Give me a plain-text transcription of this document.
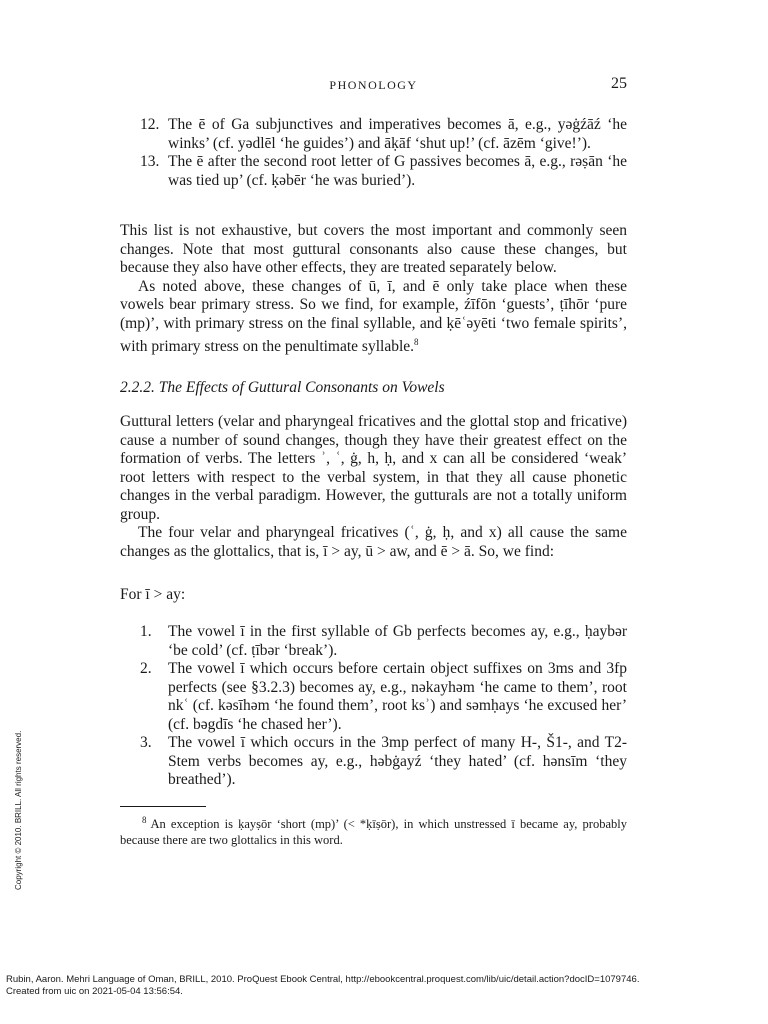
PHONOLOGY	25
12. The ē of Ga subjunctives and imperatives becomes ā, e.g., yəġźāź ‘he winks’ (cf. yədlēl ‘he guides’) and āḳāf ‘shut up!’ (cf. āzēm ‘give!’).
13. The ē after the second root letter of G passives becomes ā, e.g., rəṣān ‘he was tied up’ (cf. ḳəbēr ‘he was buried’).

This list is not exhaustive, but covers the most important and commonly seen changes. Note that most guttural consonants also cause these changes, but because they also have other effects, they are treated separately below.

As noted above, these changes of ū, ī, and ē only take place when these vowels bear primary stress. So we find, for example, źīfōn ‘guests’, ṭīhōr ‘pure (mp)’, with primary stress on the final syllable, and ḳēʿəyēti ‘two female spirits’, with primary stress on the penultimate syllable.$^8$

2.2.2. The Effects of Guttural Consonants on Vowels

Guttural letters (velar and pharyngeal fricatives and the glottal stop and fricative) cause a number of sound changes, though they have their greatest effect on the formation of verbs. The letters ʾ, ʿ, ġ, h, ḥ, and x can all be considered ‘weak’ root letters with respect to the verbal system, in that they all cause phonetic changes in the verbal paradigm. However, the gutturals are not a totally uniform group.

The four velar and pharyngeal fricatives (ʿ, ġ, ḥ, and x) all cause the same changes as the glottalics, that is, ī > ay, ū > aw, and ē > ā. So, we find:

For ī > ay:
1. The vowel ī in the first syllable of Gb perfects becomes ay, e.g., ḥaybər ‘be cold’ (cf. ṭībər ‘break’).
2. The vowel ī which occurs before certain object suffixes on 3ms and 3fp perfects (see §3.2.3) becomes ay, e.g., nəkayhəm ‘he came to them’, root nkʿ (cf. kəsīhəm ‘he found them’, root ksʾ) and səmḥays ‘he excused her’ (cf. bəgdīs ‘he chased her’).
3. The vowel ī which occurs in the 3mp perfect of many H-, Š1-, and T2-Stem verbs becomes ay, e.g., həbġayź ‘they hated’ (cf. hənsīm ‘they breathed’).
$^8$ An exception is ḳayṣōr ‘short (mp)’ (< *ḳīṣōr), in which unstressed ī became ay, probably because there are two glottalics in this word.
Copyright © 2010. BRILL. All rights reserved.
Rubin, Aaron. Mehri Language of Oman, BRILL, 2010. ProQuest Ebook Central, http://ebookcentral.proquest.com/lib/uic/detail.action?docID=1079746.
Created from uic on 2021-05-04 13:56:54.
